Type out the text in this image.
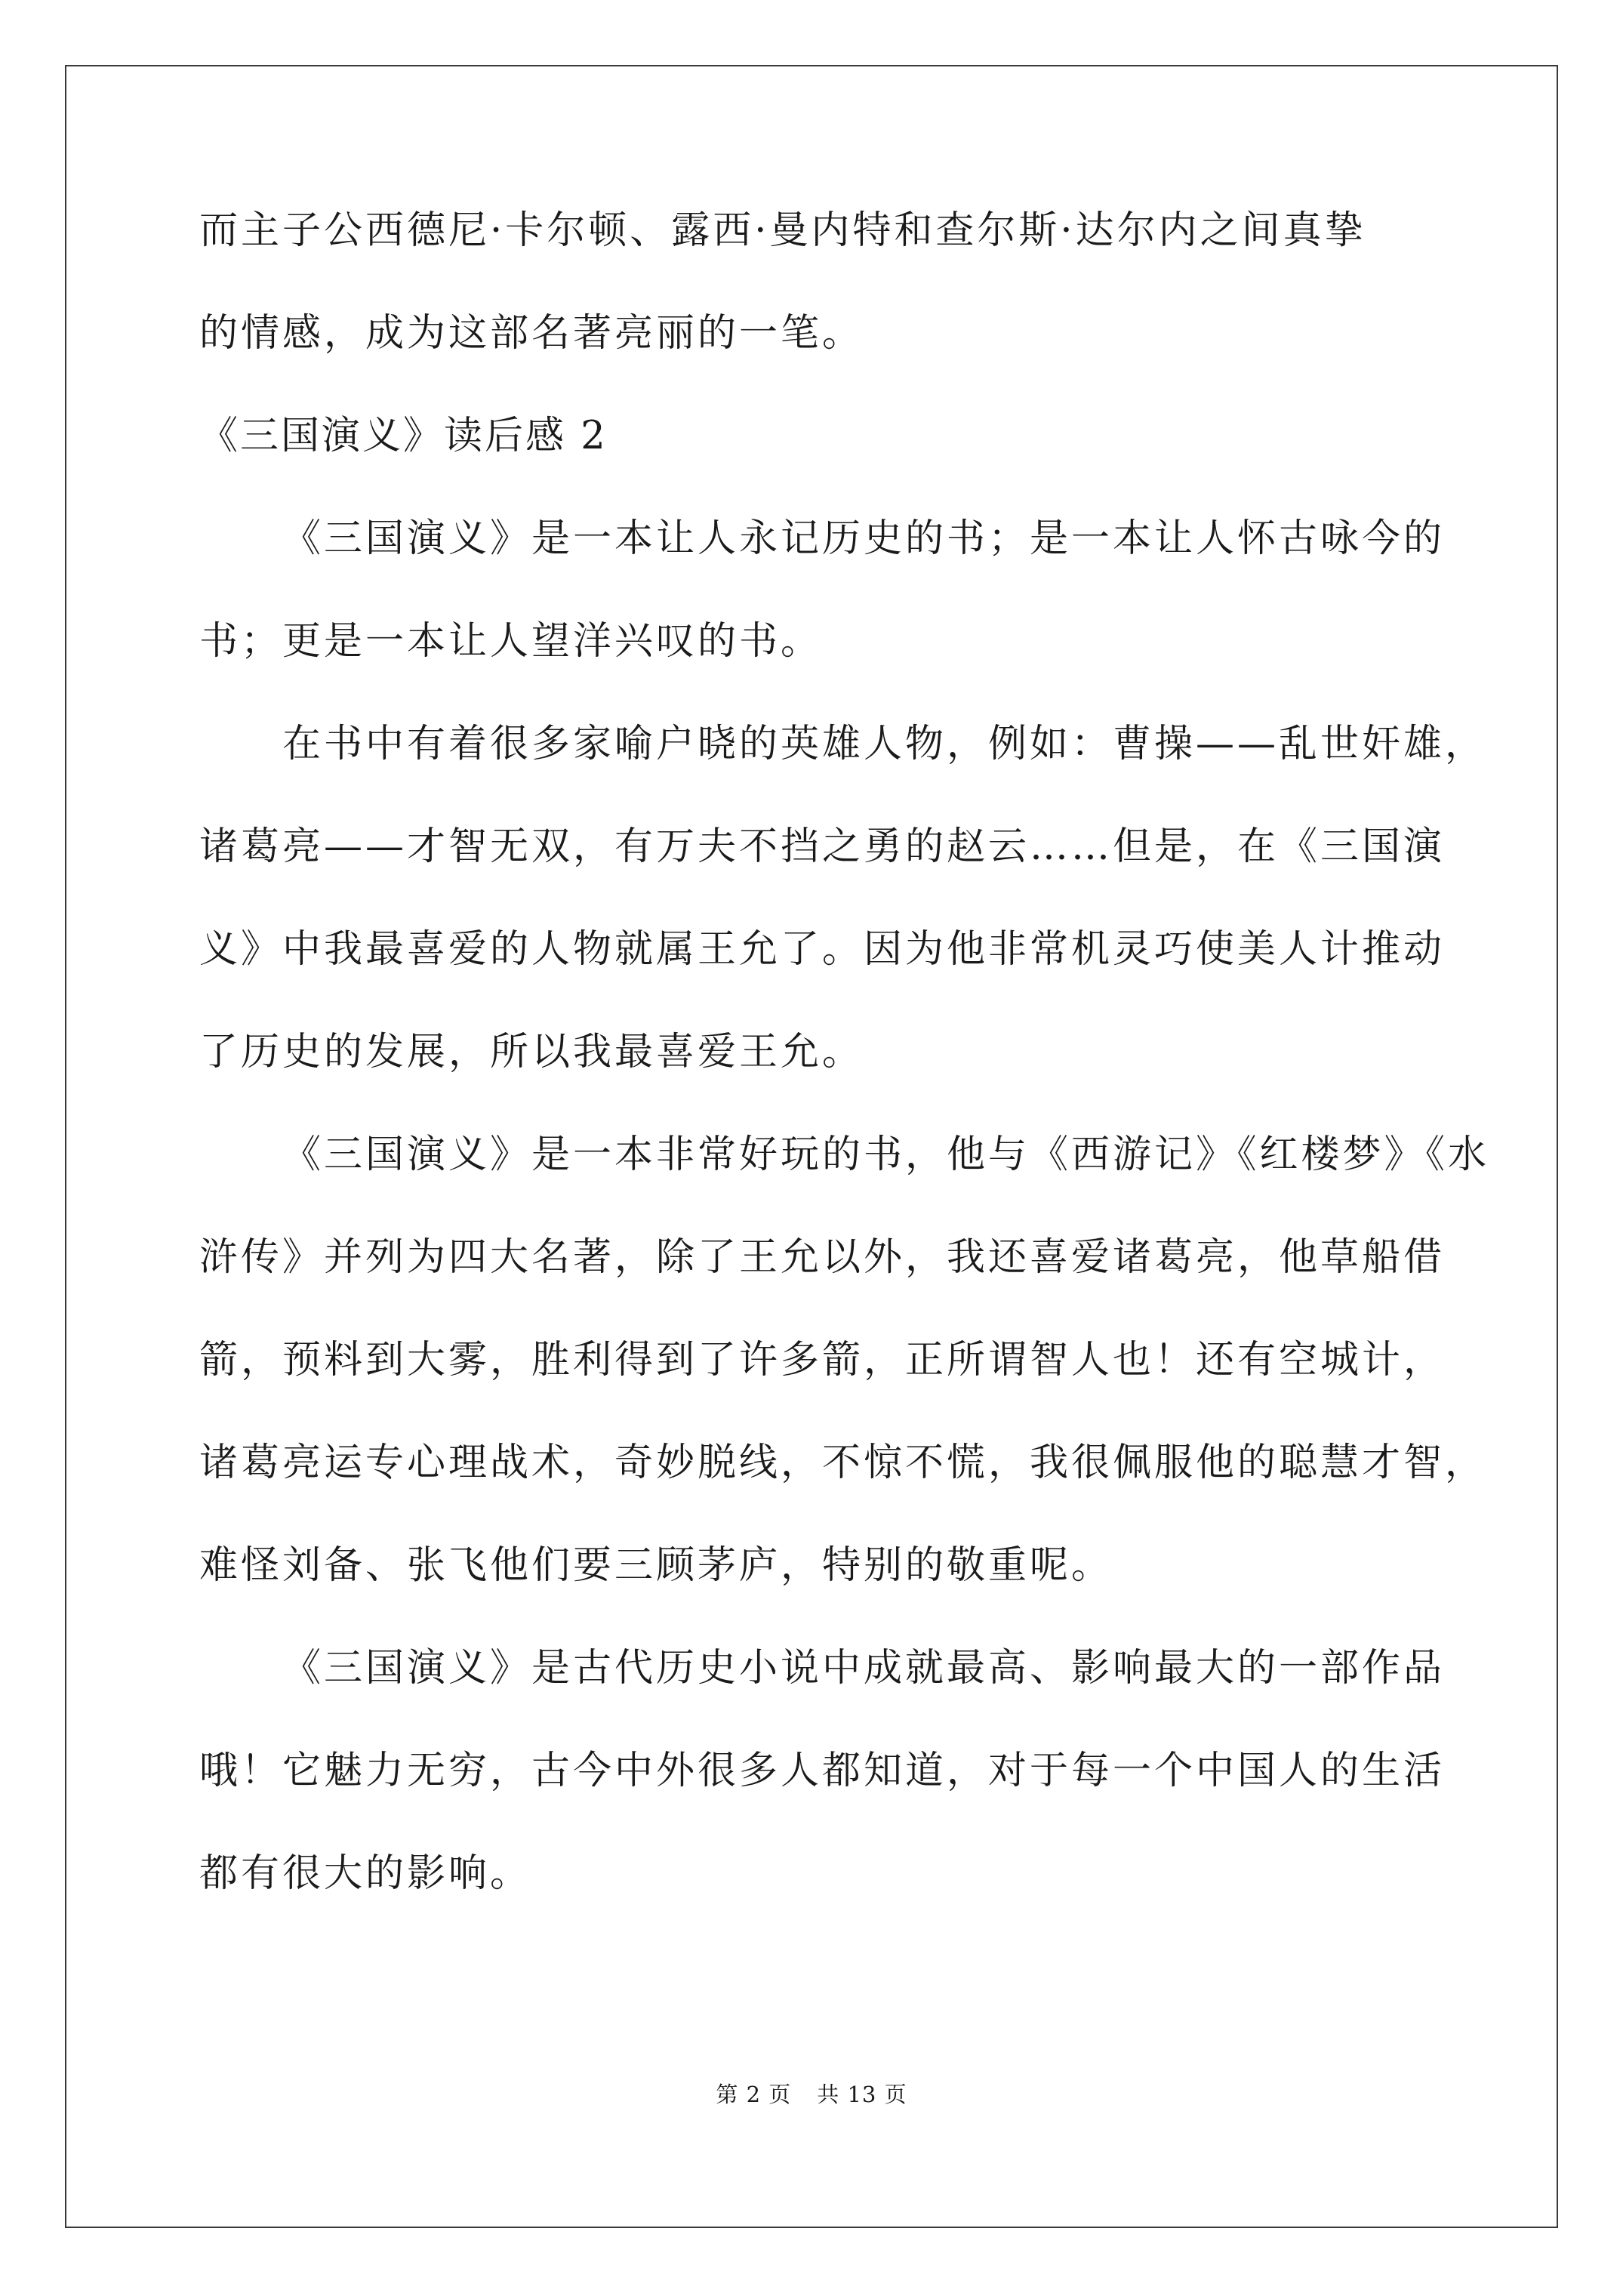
而主子公西德尼·卡尔顿、露西·曼内特和查尔斯·达尔内之间真挚
的情感，成为这部名著亮丽的一笔。
《三国演义》读后感 2
《三国演义》是一本让人永记历史的书；是一本让人怀古咏今的
书；更是一本让人望洋兴叹的书。
在书中有着很多家喻户晓的英雄人物，例如：曹操——乱世奸雄，
诸葛亮——才智无双，有万夫不挡之勇的赵云……但是，在《三国演
义》中我最喜爱的人物就属王允了。因为他非常机灵巧使美人计推动
了历史的发展，所以我最喜爱王允。
《三国演义》是一本非常好玩的书，他与《西游记》《红楼梦》《水
浒传》并列为四大名著，除了王允以外，我还喜爱诸葛亮，他草船借
箭，预料到大雾，胜利得到了许多箭，正所谓智人也！还有空城计，
诸葛亮运专心理战术，奇妙脱线，不惊不慌，我很佩服他的聪慧才智，
难怪刘备、张飞他们要三顾茅庐，特别的敬重呢。
《三国演义》是古代历史小说中成就最高、影响最大的一部作品
哦！它魅力无穷，古今中外很多人都知道，对于每一个中国人的生活
都有很大的影响。
第 2 页 共 13 页
